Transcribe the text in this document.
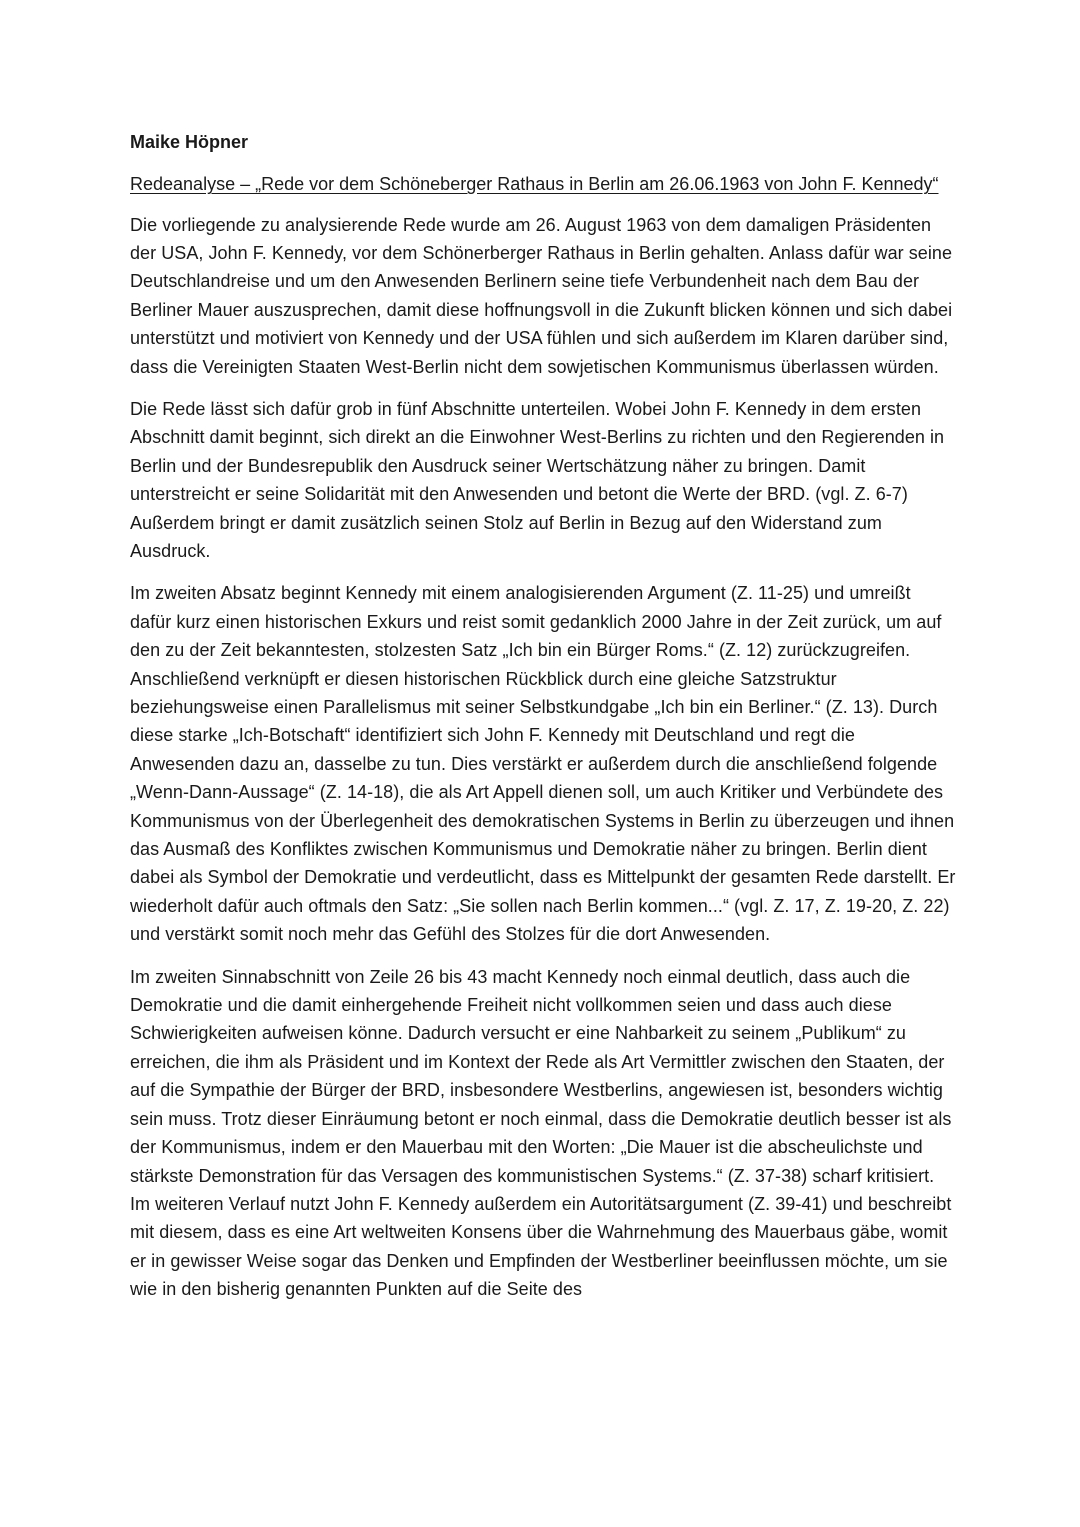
Maike Höpner
Redeanalyse – „Rede vor dem Schöneberger Rathaus in Berlin am 26.06.1963 von John F. Kennedy“
Die vorliegende zu analysierende Rede wurde am 26. August 1963 von dem damaligen Präsidenten der USA, John F. Kennedy, vor dem Schönerberger Rathaus in Berlin gehalten. Anlass dafür war seine Deutschlandreise und um den Anwesenden Berlinern seine tiefe Verbundenheit nach dem Bau der Berliner Mauer auszusprechen, damit diese hoffnungsvoll in die Zukunft blicken können und sich dabei unterstützt und motiviert von Kennedy und der USA fühlen und sich außerdem im Klaren darüber sind, dass die Vereinigten Staaten West-Berlin nicht dem sowjetischen Kommunismus überlassen würden.
Die Rede lässt sich dafür grob in fünf Abschnitte unterteilen. Wobei John F. Kennedy in dem ersten Abschnitt damit beginnt, sich direkt an die Einwohner West-Berlins zu richten und den Regierenden in Berlin und der Bundesrepublik den Ausdruck seiner Wertschätzung näher zu bringen. Damit unterstreicht er seine Solidarität mit den Anwesenden und betont die Werte der BRD. (vgl. Z. 6-7) Außerdem bringt er damit zusätzlich seinen Stolz auf Berlin in Bezug auf den Widerstand zum Ausdruck.
Im zweiten Absatz beginnt Kennedy mit einem analogisierenden Argument (Z. 11-25) und umreißt dafür kurz einen historischen Exkurs und reist somit gedanklich 2000 Jahre in der Zeit zurück, um auf den zu der Zeit bekanntesten, stolzesten Satz „Ich bin ein Bürger Roms.“ (Z. 12) zurückzugreifen. Anschließend verknüpft er diesen historischen Rückblick durch eine gleiche Satzstruktur beziehungsweise einen Parallelismus mit seiner Selbstkundgabe „Ich bin ein Berliner.“ (Z. 13). Durch diese starke „Ich-Botschaft“ identifiziert sich John F. Kennedy mit Deutschland und regt die Anwesenden dazu an, dasselbe zu tun. Dies verstärkt er außerdem durch die anschließend folgende „Wenn-Dann-Aussage“ (Z. 14-18), die als Art Appell dienen soll, um auch Kritiker und Verbündete des Kommunismus von der Überlegenheit des demokratischen Systems in Berlin zu überzeugen und ihnen das Ausmaß des Konfliktes zwischen Kommunismus und Demokratie näher zu bringen. Berlin dient dabei als Symbol der Demokratie und verdeutlicht, dass es Mittelpunkt der gesamten Rede darstellt. Er wiederholt dafür auch oftmals den Satz: „Sie sollen nach Berlin kommen...“ (vgl. Z. 17, Z. 19-20, Z. 22) und verstärkt somit noch mehr das Gefühl des Stolzes für die dort Anwesenden.
Im zweiten Sinnabschnitt von Zeile 26 bis 43 macht Kennedy noch einmal deutlich, dass auch die Demokratie und die damit einhergehende Freiheit nicht vollkommen seien und dass auch diese Schwierigkeiten aufweisen könne. Dadurch versucht er eine Nahbarkeit zu seinem „Publikum“ zu erreichen, die ihm als Präsident und im Kontext der Rede als Art Vermittler zwischen den Staaten, der auf die Sympathie der Bürger der BRD, insbesondere Westberlins, angewiesen ist, besonders wichtig sein muss. Trotz dieser Einräumung betont er noch einmal, dass die Demokratie deutlich besser ist als der Kommunismus, indem er den Mauerbau mit den Worten: „Die Mauer ist die abscheulichste und stärkste Demonstration für das Versagen des kommunistischen Systems.“ (Z. 37-38) scharf kritisiert. Im weiteren Verlauf nutzt John F. Kennedy außerdem ein Autoritätsargument (Z. 39-41) und beschreibt mit diesem, dass es eine Art weltweiten Konsens über die Wahrnehmung des Mauerbaus gäbe, womit er in gewisser Weise sogar das Denken und Empfinden der Westberliner beeinflussen möchte, um sie wie in den bisherig genannten Punkten auf die Seite des
